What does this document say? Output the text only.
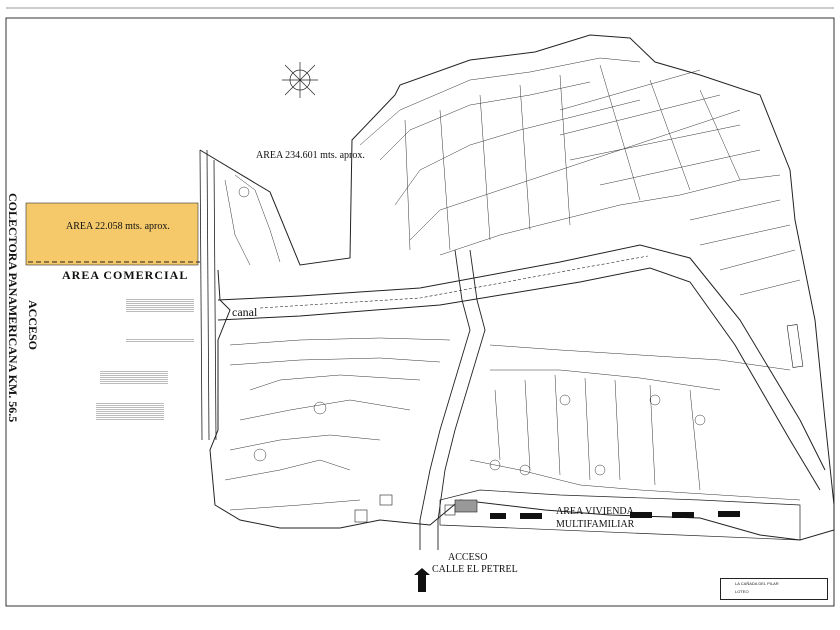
AREA 234.601 mts. aprox.
AREA 22.058 mts. aprox.
AREA COMERCIAL
canal
AREA VIVIENDA
MULTIFAMILIAR
ACCESO
CALLE EL PETREL
COLECTORA PANAMERICANA KM. 56.5 ACCESO
LA CAÑADA DEL PILAR
LOTEO
